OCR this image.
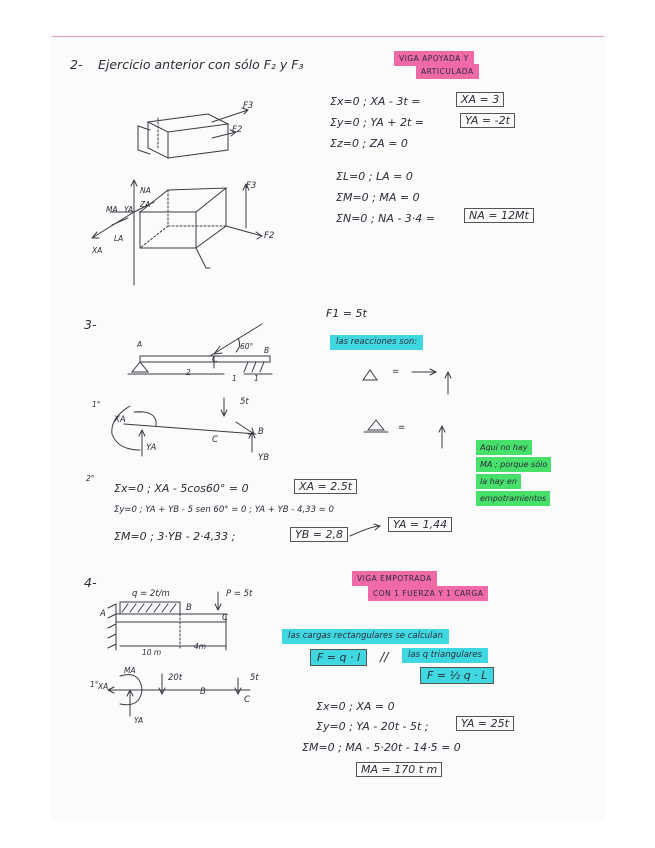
2- Ejercicio anterior con sólo F₂ y F₃	VIGA APOYADA Y
ARTICULADA
F3
F2
NA
MA YA
ZA
LA
XA
F3
F2
Σx=0 ; XA - 3t =	XA = 3
Σy=0 ; YA + 2t =	YA = -2t
Σz=0 ; ZA = 0
ΣL=0 ; LA = 0
ΣM=0 ; MA = 0
ΣN=0 ; NA - 3·4 =	NA = 12Mt
3-
F1 = 5t
las reacciones son:
A
B
C
60°
2
1 1
1°
XA
YA
YB
C
B
5t
=
=
Aquí no hay
MA ; porque sólo
la hay en
empotramientos
2°
Σx=0 ; XA - 5cos60° = 0	XA = 2.5t
Σy=0 ; YA + YB - 5 sen 60° = 0 ; YA + YB - 4,33 = 0
ΣM=0 ; 3·YB - 2·4,33 ;	YB = 2,8
YA = 1,44
4-	VIGA EMPOTRADA
CON 1 FUERZA Y 1 CARGA
q = 2t/m	P = 5t
A
B
C
10 m
4m
1°
MA
XA
YA
20t	5t
B
C
las cargas rectangulares se calculan
F = q · l	//	las q triangulares
F = ½ q · L
Σx=0 ; XA = 0
Σy=0 ; YA - 20t - 5t ;	YA = 25t
ΣM=0 ; MA - 5·20t - 14·5 = 0
MA = 170 t m
